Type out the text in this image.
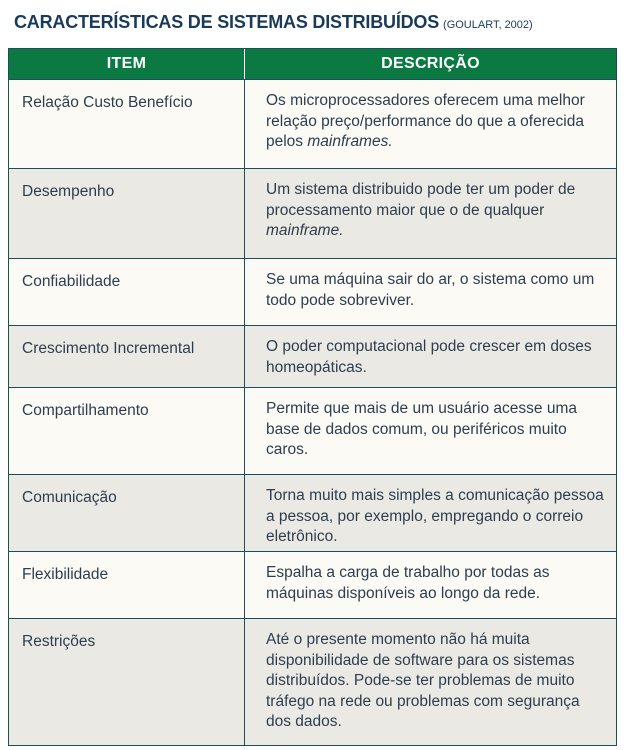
CARACTERÍSTICAS DE SISTEMAS DISTRIBUÍDOS (GOULART, 2002)
ITEM	DESCRIÇÃO
Relação Custo Benefício	Os microprocessadores oferecem uma melhor relação preço/performance do que a oferecida pelos mainframes.
Desempenho	Um sistema distribuido pode ter um poder de processamento maior que o de qualquer mainframe.
Confiabilidade	Se uma máquina sair do ar, o sistema como um todo pode sobreviver.
Crescimento Incremental	O poder computacional pode crescer em doses homeopáticas.
Compartilhamento	Permite que mais de um usuário acesse uma base de dados comum, ou periféricos muito caros.
Comunicação	Torna muito mais simples a comunicação pessoa a pessoa, por exemplo, empregando o correio eletrônico.
Flexibilidade	Espalha a carga de trabalho por todas as máquinas disponíveis ao longo da rede.
Restrições	Até o presente momento não há muita disponibilidade de software para os sistemas distribuídos. Pode-se ter problemas de muito tráfego na rede ou problemas com segurança dos dados.
